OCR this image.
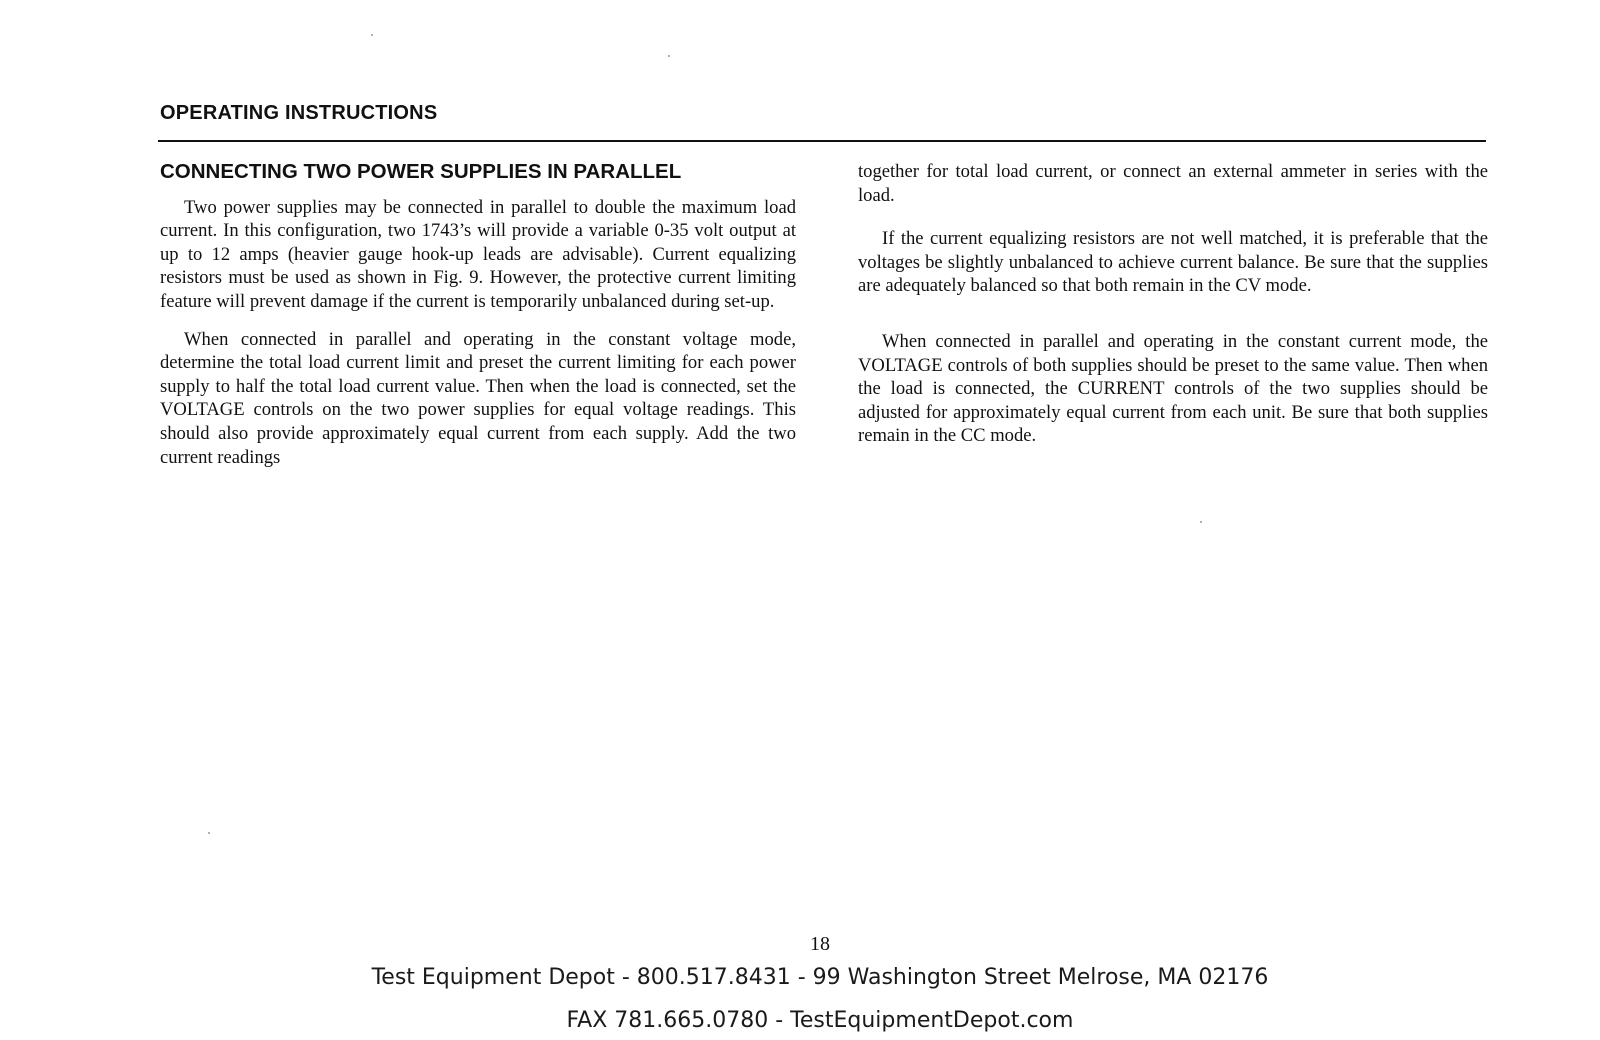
OPERATING INSTRUCTIONS
CONNECTING TWO POWER SUPPLIES IN PARALLEL

Two power supplies may be connected in parallel to double the maximum load current. In this configuration, two 1743’s will provide a variable 0-35 volt output at up to 12 amps (heavier gauge hook-up leads are advisable). Current equalizing resistors must be used as shown in Fig. 9. However, the protective current limiting feature will prevent damage if the current is temporarily unbalanced during set-up.

When connected in parallel and operating in the constant voltage mode, determine the total load current limit and preset the current limiting for each power supply to half the total load current value. Then when the load is connected, set the VOLTAGE controls on the two power supplies for equal voltage readings. This should also provide approximately equal current from each supply. Add the two current readings

together for total load current, or connect an external ammeter in series with the load.

If the current equalizing resistors are not well matched, it is preferable that the voltages be slightly unbalanced to achieve current balance. Be sure that the supplies are adequately balanced so that both remain in the CV mode.

When connected in parallel and operating in the constant current mode, the VOLTAGE controls of both supplies should be preset to the same value. Then when the load is connected, the CURRENT controls of the two supplies should be adjusted for approximately equal current from each unit. Be sure that both supplies remain in the CC mode.

18
Test Equipment Depot - 800.517.8431 - 99 Washington Street Melrose, MA 02176
FAX 781.665.0780 - TestEquipmentDepot.com
